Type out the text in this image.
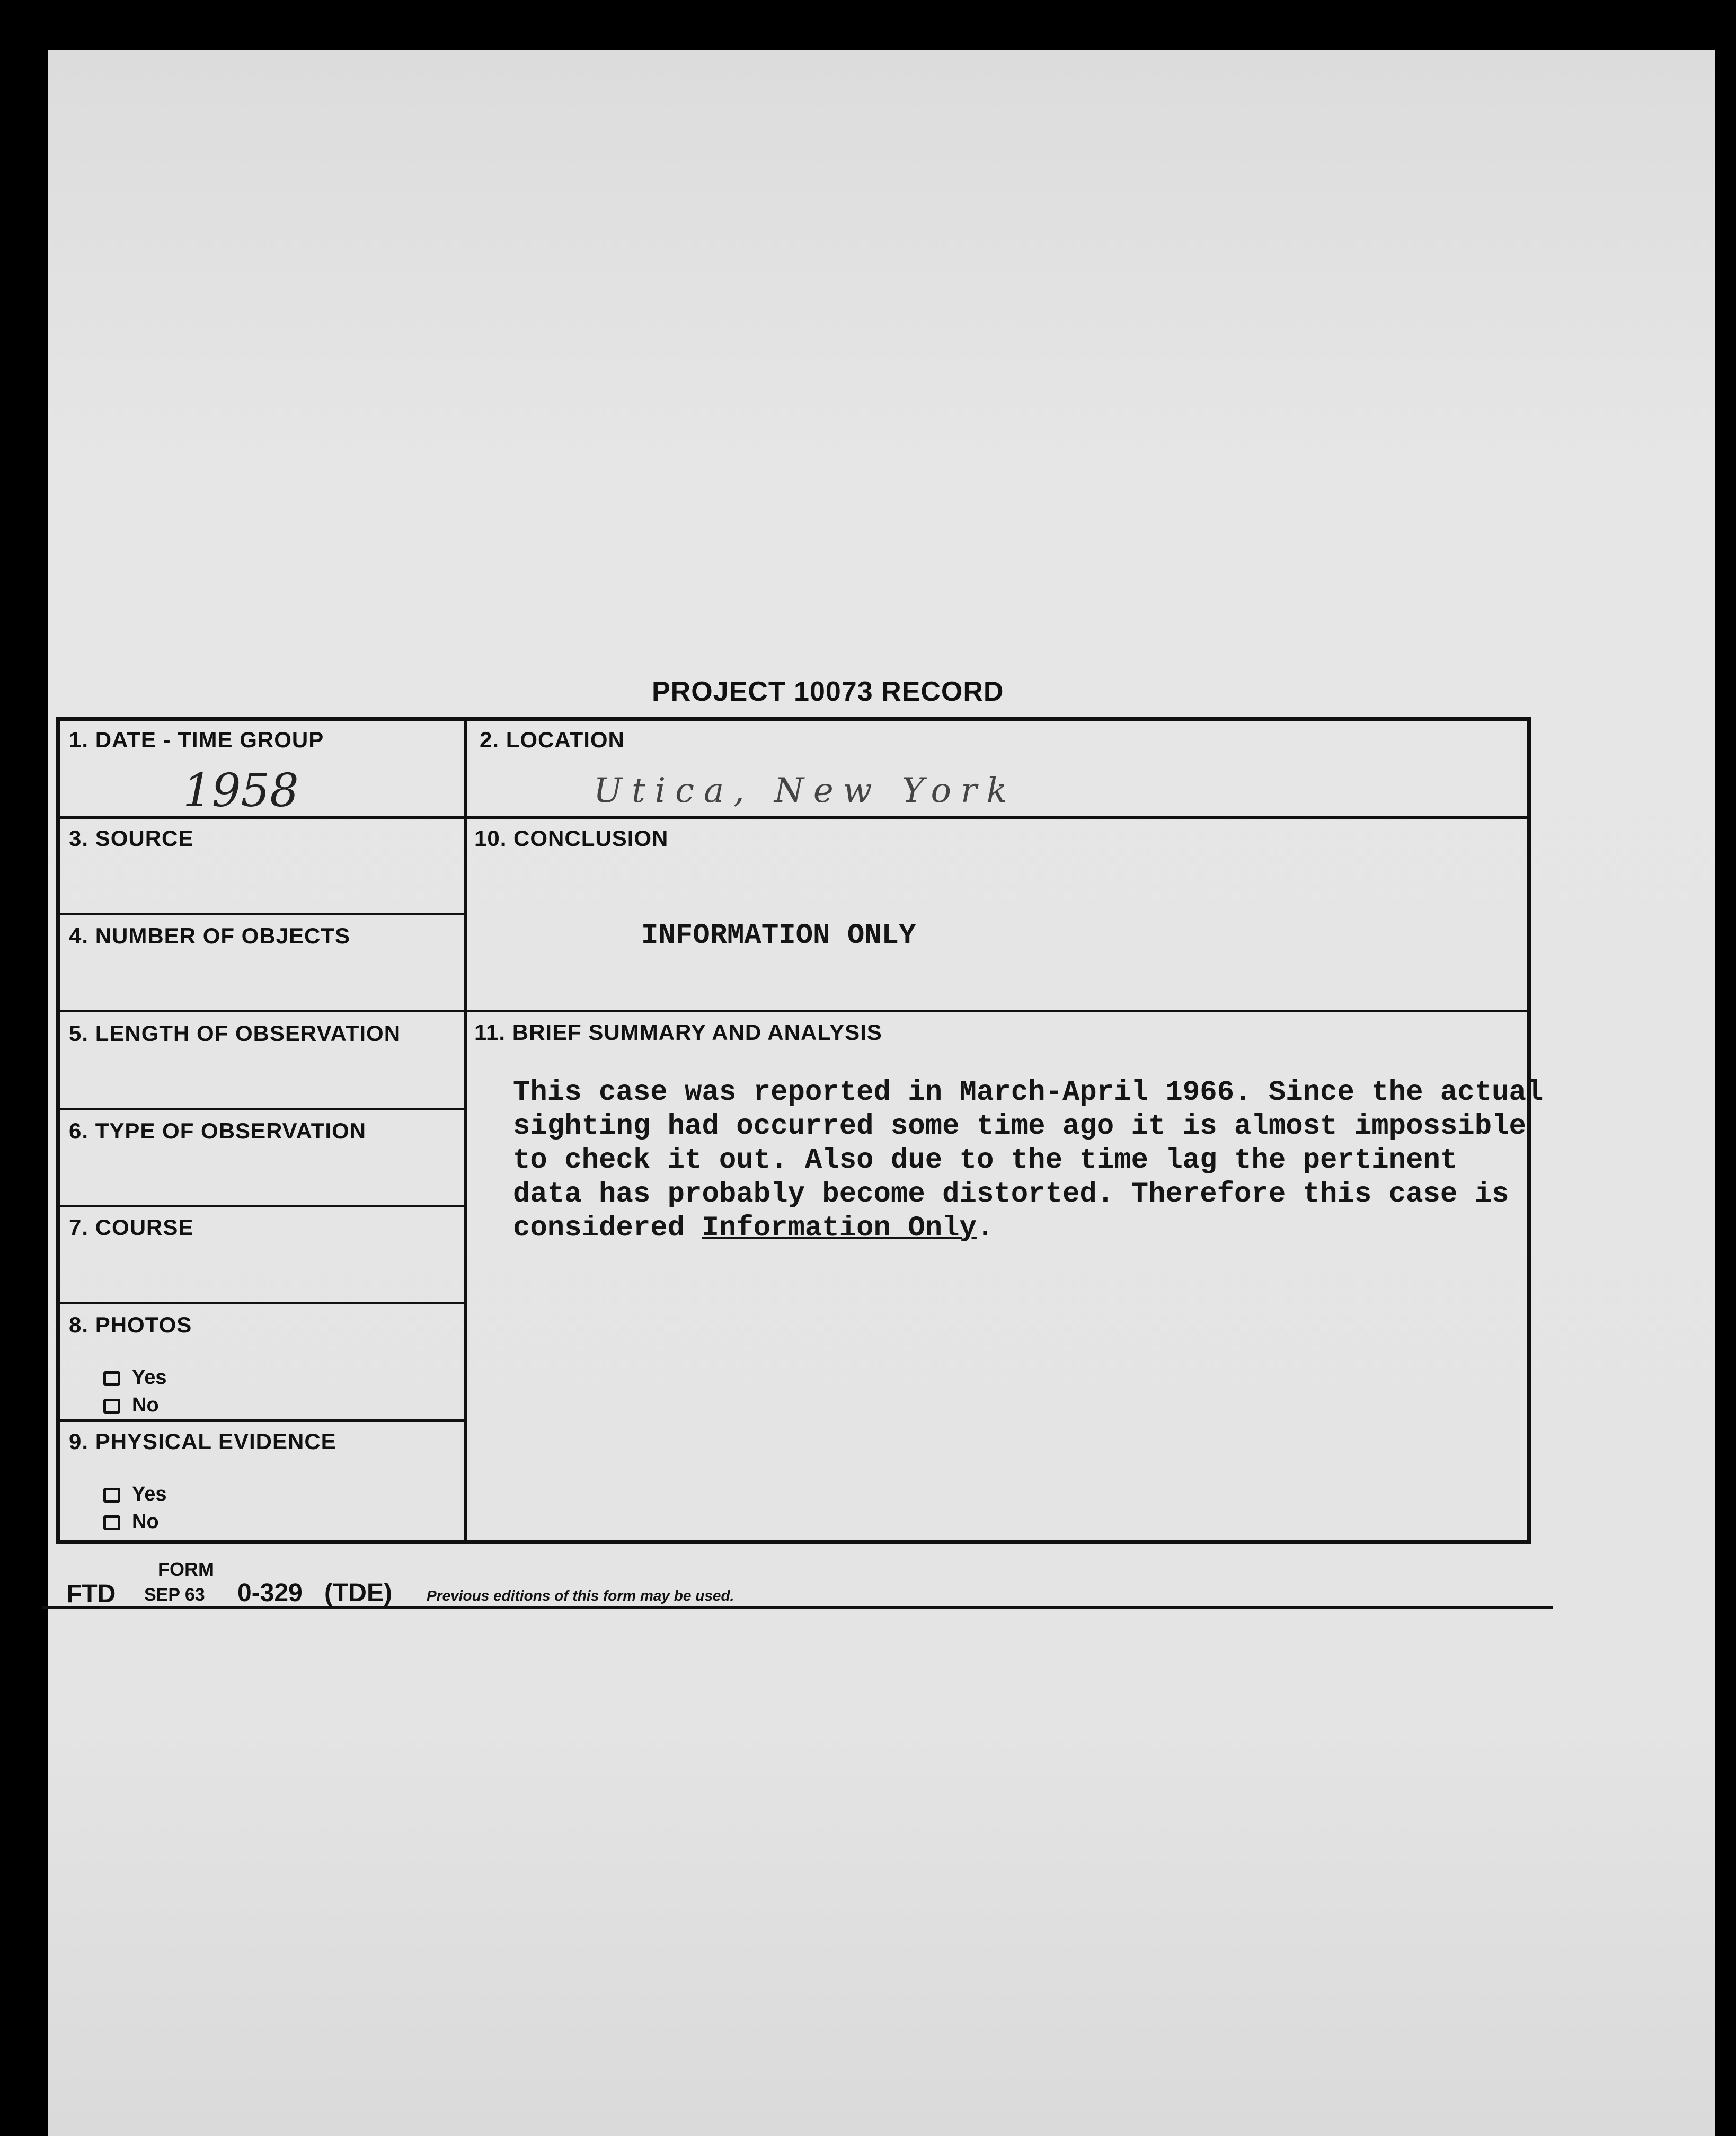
PROJECT 10073 RECORD
1. DATE - TIME GROUP
1958
3. SOURCE
4. NUMBER OF OBJECTS
5. LENGTH OF OBSERVATION
6. TYPE OF OBSERVATION
7. COURSE
8. PHOTOS
Yes
No
9. PHYSICAL EVIDENCE
Yes
No
2. LOCATION
Utica, New York
10. CONCLUSION
INFORMATION ONLY
11. BRIEF SUMMARY AND ANALYSIS
This case was reported in March-April 1966. Since the actual
sighting had occurred some time ago it is almost impossible
to check it out. Also due to the time lag the pertinent
data has probably become distorted. Therefore this case is
considered Information Only.
FORM
FTD SEP 63 0-329 (TDE) Previous editions of this form may be used.
